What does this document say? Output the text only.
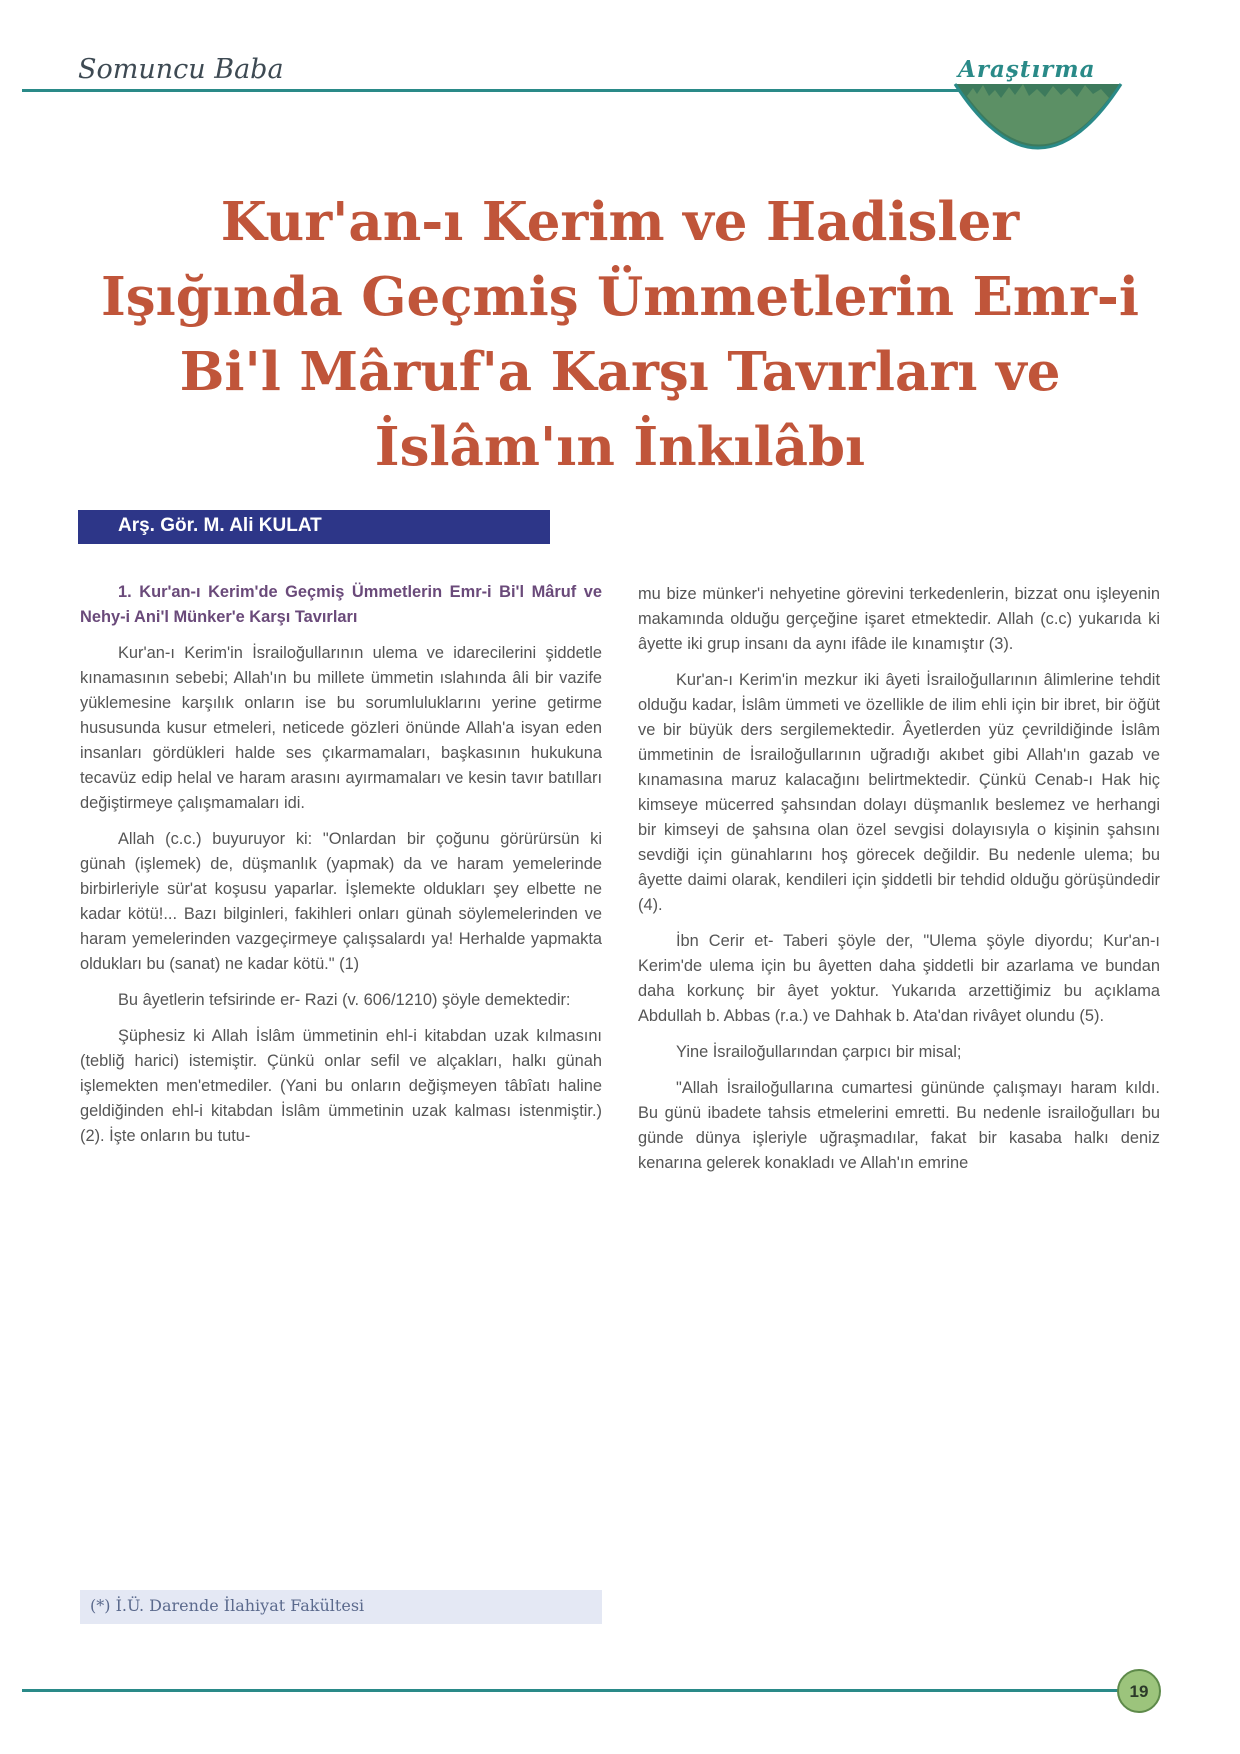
Somuncu Baba	Araştırma
Kur'an-ı Kerim ve Hadisler
Işığında Geçmiş Ümmetlerin Emr-i
Bi'l Mâruf'a Karşı Tavırları ve
İslâm'ın İnkılâbı
Arş. Gör. M. Ali KULAT

1. Kur'an-ı Kerim'de Geçmiş Ümmetlerin Emr-i Bi'l Mâruf ve Nehy-i Ani'l Münker'e Karşı Tavırları

Kur'an-ı Kerim'in İsrailoğullarının ulema ve idarecilerini şiddetle kınamasının sebebi; Allah'ın bu millete ümmetin ıslahında âli bir vazife yüklemesine karşılık onların ise bu sorumluluklarını yerine getirme hususunda kusur etmeleri, neticede gözleri önünde Allah'a isyan eden insanları gördükleri halde ses çıkarmamaları, başkasının hukukuna tecavüz edip helal ve haram arasını ayırmamaları ve kesin tavır batılları değiştirmeye çalışmamaları idi.

Allah (c.c.) buyuruyor ki: "Onlardan bir çoğunu görürürsün ki günah (işlemek) de, düşmanlık (yapmak) da ve haram yemelerinde birbirleriyle sür'at koşusu yaparlar. İşlemekte oldukları şey elbette ne kadar kötü!... Bazı bilginleri, fakihleri onları günah söylemelerinden ve haram yemelerinden vazgeçirmeye çalışsalardı ya! Herhalde yapmakta oldukları bu (sanat) ne kadar kötü." (1)

Bu âyetlerin tefsirinde er- Razi (v. 606/1210) şöyle demektedir:

Şüphesiz ki Allah İslâm ümmetinin ehl-i kitabdan uzak kılmasını (tebliğ harici) istemiştir. Çünkü onlar sefil ve alçakları, halkı günah işlemekten men'etmediler. (Yani bu onların değişmeyen tâbîatı haline geldiğinden ehl-i kitabdan İslâm ümmetinin uzak kalması istenmiştir.) (2). İşte onların bu tutu-

(*) İ.Ü. Darende İlahiyat Fakültesi

mu bize münker'i nehyetine görevini terkedenlerin, bizzat onu işleyenin makamında olduğu gerçeğine işaret etmektedir. Allah (c.c) yukarıda ki âyette iki grup insanı da aynı ifâde ile kınamıştır (3).

Kur'an-ı Kerim'in mezkur iki âyeti İsrailoğullarının âlimlerine tehdit olduğu kadar, İslâm ümmeti ve özellikle de ilim ehli için bir ibret, bir öğüt ve bir büyük ders sergilemektedir. Âyetlerden yüz çevrildiğinde İslâm ümmetinin de İsrailoğullarının uğradığı akıbet gibi Allah'ın gazab ve kınamasına maruz kalacağını belirtmektedir. Çünkü Cenab-ı Hak hiç kimseye mücerred şahsından dolayı düşmanlık beslemez ve herhangi bir kimseyi de şahsına olan özel sevgisi dolayısıyla o kişinin şahsını sevdiği için günahlarını hoş görecek değildir. Bu nedenle ulema; bu âyette daimi olarak, kendileri için şiddetli bir tehdid olduğu görüşündedir (4).

İbn Cerir et- Taberi şöyle der, "Ulema şöyle diyordu; Kur'an-ı Kerim'de ulema için bu âyetten daha şiddetli bir azarlama ve bundan daha korkunç bir âyet yoktur. Yukarıda arzettiğimiz bu açıklama Abdullah b. Abbas (r.a.) ve Dahhak b. Ata'dan rivâyet olundu (5).

Yine İsrailoğullarından çarpıcı bir misal;

"Allah İsrailoğullarına cumartesi gününde çalışmayı haram kıldı. Bu günü ibadete tahsis etmelerini emretti. Bu nedenle israiloğulları bu günde dünya işleriyle uğraşmadılar, fakat bir kasaba halkı deniz kenarına gelerek konakladı ve Allah'ın emrine

19
